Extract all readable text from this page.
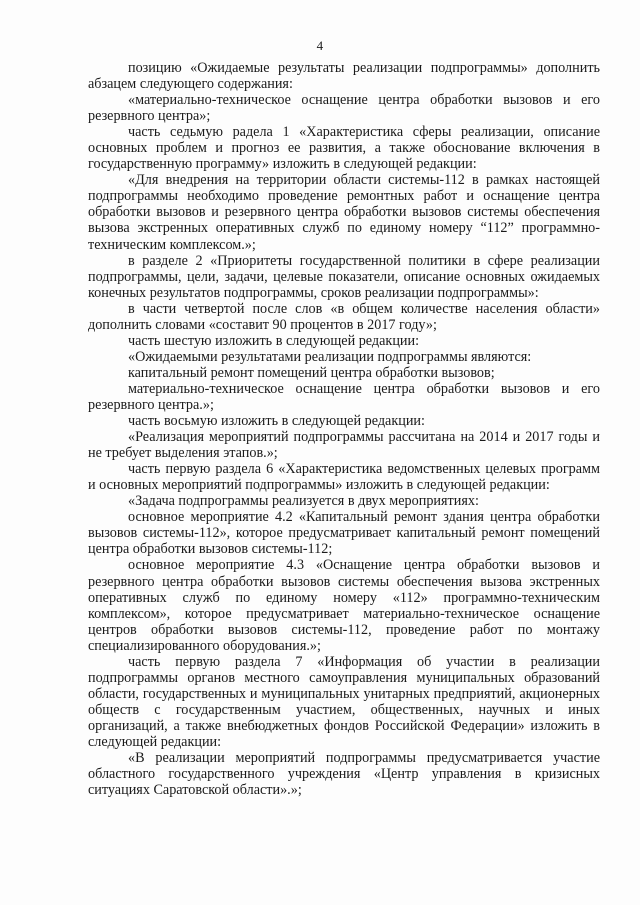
4

позицию «Ожидаемые результаты реализации подпрограммы» дополнить абзацем следующего содержания:

«материально-техническое оснащение центра обработки вызовов и его резервного центра»;

часть седьмую радела 1 «Характеристика сферы реализации, описание основных проблем и прогноз ее развития, а также обоснование включения в государственную программу» изложить в следующей редакции:

«Для внедрения на территории области системы-112 в рамках настоящей подпрограммы необходимо проведение ремонтных работ и оснащение центра обработки вызовов и резервного центра обработки вызовов системы обеспечения вызова экстренных оперативных служб по единому номеру “112” программно-техническим комплексом.»;

в разделе 2 «Приоритеты государственной политики в сфере реализации подпрограммы, цели, задачи, целевые показатели, описание основных ожидаемых конечных результатов подпрограммы, сроков реализации подпрограммы»:

в части четвертой после слов «в общем количестве населения области» дополнить словами «составит 90 процентов в 2017 году»;

часть шестую изложить в следующей редакции:

«Ожидаемыми результатами реализации подпрограммы являются:

капитальный ремонт помещений центра обработки вызовов;

материально-техническое оснащение центра обработки вызовов и его резервного центра.»;

часть восьмую изложить в следующей редакции:

«Реализация мероприятий подпрограммы рассчитана на 2014 и 2017 годы и не требует выделения этапов.»;

часть первую раздела 6 «Характеристика ведомственных целевых программ и основных мероприятий подпрограммы» изложить в следующей редакции:

«Задача подпрограммы реализуется в двух мероприятиях:

основное мероприятие 4.2 «Капитальный ремонт здания центра обработки вызовов системы-112», которое предусматривает капитальный ремонт помещений центра обработки вызовов системы-112;

основное мероприятие 4.3 «Оснащение центра обработки вызовов и резервного центра обработки вызовов системы обеспечения вызова экстренных оперативных служб по единому номеру «112» программно-техническим комплексом», которое предусматривает материально-техническое оснащение центров обработки вызовов системы-112, проведение работ по монтажу специализированного оборудования.»;

часть первую раздела 7 «Информация об участии в реализации подпрограммы органов местного самоуправления муниципальных образований области, государственных и муниципальных унитарных предприятий, акционерных обществ с государственным участием, общественных, научных и иных организаций, а также внебюджетных фондов Российской Федерации» изложить в следующей редакции:

«В реализации мероприятий подпрограммы предусматривается участие областного государственного учреждения «Центр управления в кризисных ситуациях Саратовской области».»;
